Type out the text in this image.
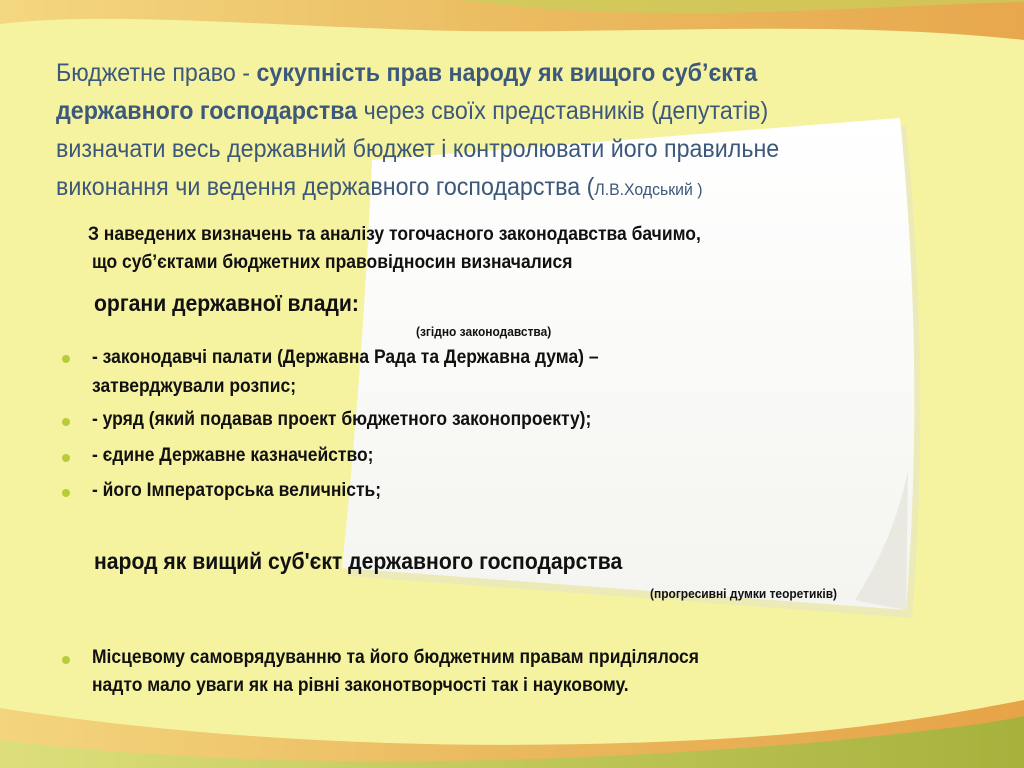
Бюджетне право - сукупність прав народу як вищого суб’єкта
державного господарства через своїх представників (депутатів)
визначати весь державний бюджет і контролювати його правильне
виконання чи ведення державного господарства (Л.В.Ходський )
З наведених визначень та аналізу тогочасного законодавства бачимо,
що суб’єктами бюджетних правовідносин визначалися
органи державної влади:
(згідно законодавства)
- законодавчі палати (Державна Рада та Державна дума) –
затверджували розпис;
- уряд (який подавав проект бюджетного законопроекту);
- єдине Державне казначейство;
- його Імператорська величність;
народ як вищий суб'єкт державного господарства
(прогресивні думки теоретиків)
Місцевому самоврядуванню та його бюджетним правам приділялося
надто мало уваги як на рівні законотворчості так і науковому.
